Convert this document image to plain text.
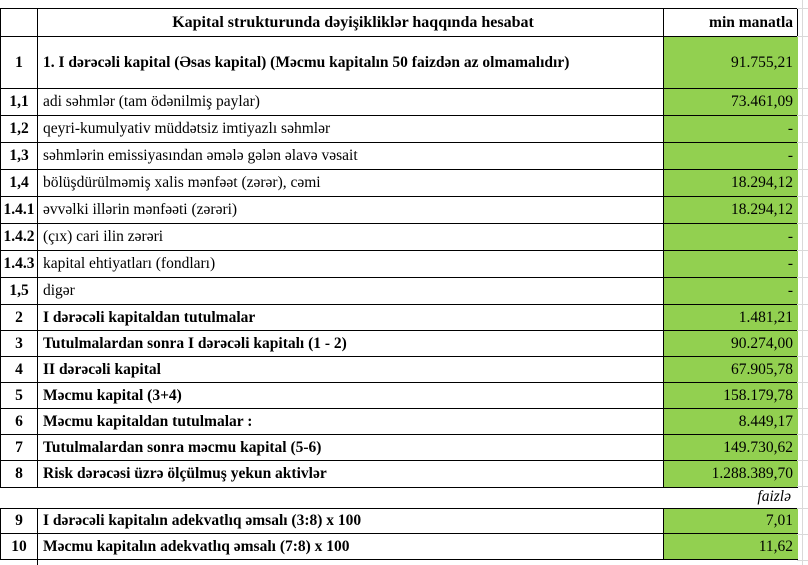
Kapital strukturunda dəyişikliklər haqqında hesabat	min manatla
1	1. I dərəcəli kapital (Əsas kapital) (Məcmu kapitalın 50 faizdən az olmamalıdır)	91.755,21
1,1 adi səhmlər (tam ödənilmiş paylar)	73.461,09
1,2 qeyri-kumulyativ müddətsiz imtiyazlı səhmlər	-
1,3 səhmlərin emissiyasından əmələ gələn əlavə vəsait	-
1,4 bölüşdürülməmiş xalis mənfəət (zərər), cəmi	18.294,12
1.4.1 əvvəlki illərin mənfəəti (zərəri)	18.294,12
1.4.2 (çıx) cari ilin zərəri	-
1.4.3 kapital ehtiyatları (fondları)	-
1,5 digər	-
2	I dərəcəli kapitaldan tutulmalar	1.481,21
3	Tutulmalardan sonra I dərəcəli kapitalı (1 - 2)	90.274,00
4	II dərəcəli kapital	67.905,78
5	Məcmu kapital (3+4)	158.179,78
6	Məcmu kapitaldan tutulmalar :	8.449,17
7	Tutulmalardan sonra məcmu kapital (5-6)	149.730,62
8	Risk dərəcəsi üzrə ölçülmuş yekun aktivlər	1.288.389,70
faizlə
9	I dərəcəli kapitalın adekvatlıq əmsalı (3:8) x 100	7,01
10	Məcmu kapitalın adekvatlıq əmsalı (7:8) x 100	11,62
